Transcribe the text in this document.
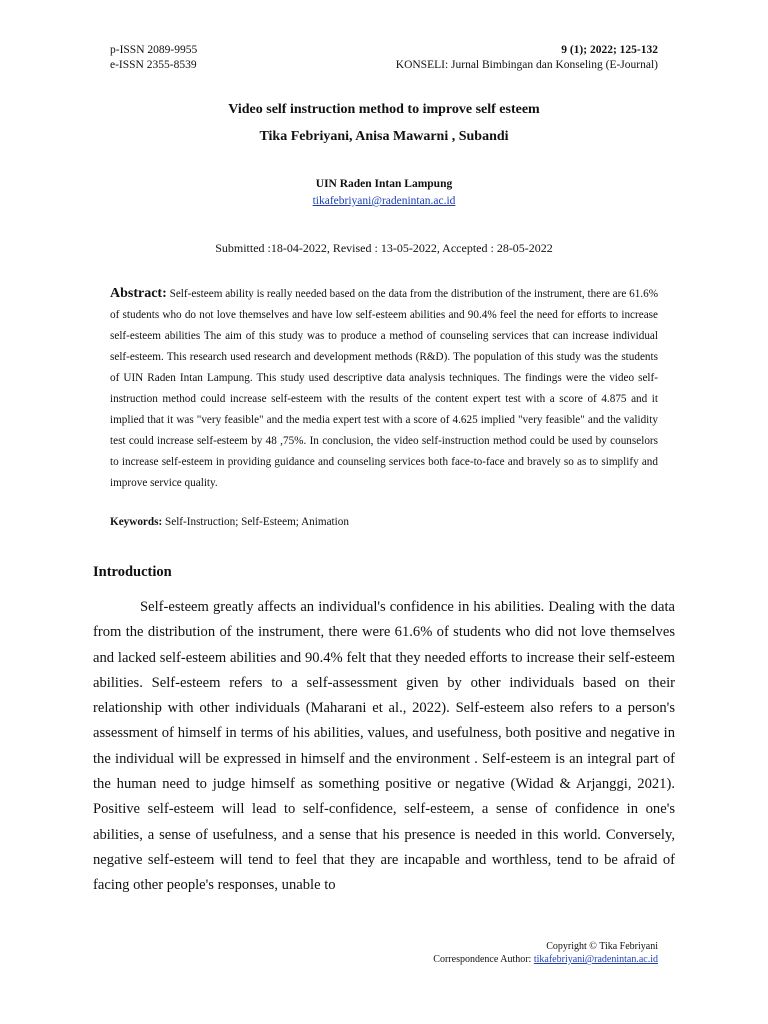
p-ISSN 2089-9955
e-ISSN 2355-8539
9 (1); 2022; 125-132
KONSELI: Jurnal Bimbingan dan Konseling (E-Journal)
Video self instruction method to improve self esteem
Tika Febriyani, Anisa Mawarni , Subandi
UIN Raden Intan Lampung
tikafebriyani@radenintan.ac.id
Submitted :18-04-2022, Revised : 13-05-2022, Accepted : 28-05-2022
Abstract: Self-esteem ability is really needed based on the data from the distribution of the instrument, there are 61.6% of students who do not love themselves and have low self-esteem abilities and 90.4% feel the need for efforts to increase self-esteem abilities The aim of this study was to produce a method of counseling services that can increase individual self-esteem. This research used research and development methods (R&D). The population of this study was the students of UIN Raden Intan Lampung. This study used descriptive data analysis techniques. The findings were the video self-instruction method could increase self-esteem with the results of the content expert test with a score of 4.875 and it implied that it was "very feasible" and the media expert test with a score of 4.625 implied "very feasible" and the validity test could increase self-esteem by 48 ,75%. In conclusion, the video self-instruction method could be used by counselors to increase self-esteem in providing guidance and counseling services both face-to-face and bravely so as to simplify and improve service quality.
Keywords: Self-Instruction; Self-Esteem; Animation
Introduction

Self-esteem greatly affects an individual's confidence in his abilities. Dealing with the data from the distribution of the instrument, there were 61.6% of students who did not love themselves and lacked self-esteem abilities and 90.4% felt that they needed efforts to increase their self-esteem abilities. Self-esteem refers to a self-assessment given by other individuals based on their relationship with other individuals (Maharani et al., 2022). Self-esteem also refers to a person's assessment of himself in terms of his abilities, values, and usefulness, both positive and negative in the individual will be expressed in himself and the environment . Self-esteem is an integral part of the human need to judge himself as something positive or negative (Widad & Arjanggi, 2021). Positive self-esteem will lead to self-confidence, self-esteem, a sense of confidence in one's abilities, a sense of usefulness, and a sense that his presence is needed in this world. Conversely, negative self-esteem will tend to feel that they are incapable and worthless, tend to be afraid of facing other people's responses, unable to

Copyright © Tika Febriyani
Correspondence Author: tikafebriyani@radenintan.ac.id
